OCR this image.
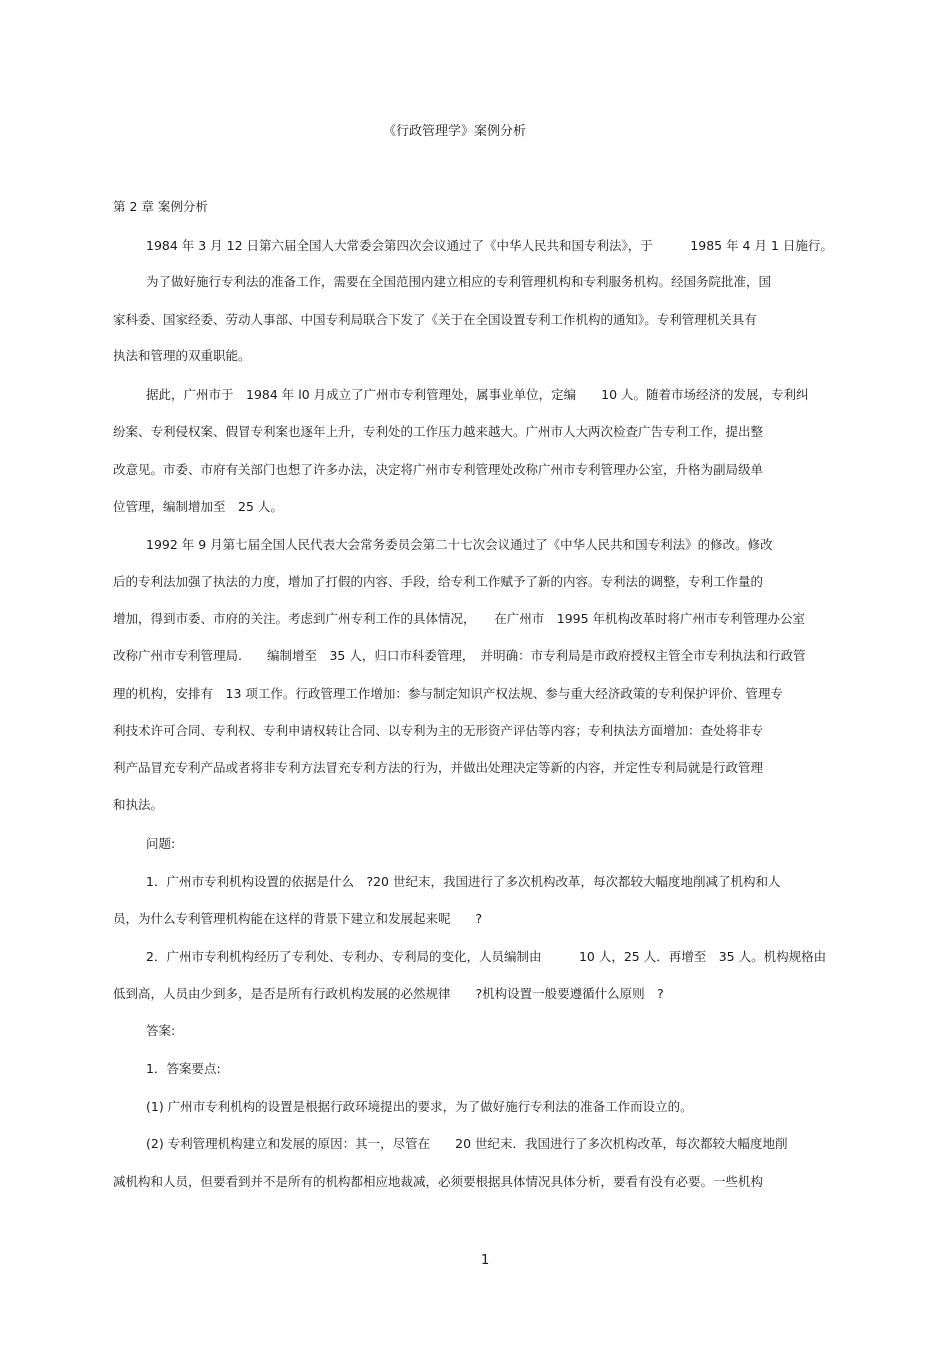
《行政管理学》案例分析
第 2 章 案例分析
1984 年 3 月 12 日第六届全国人大常委会第四次会议通过了《中华人民共和国专利法》，于　　　1985 年 4 月 1 日施行。
为了做好施行专利法的准备工作，需要在全国范围内建立相应的专利管理机构和专利服务机构。经国务院批准，国
家科委、国家经委、劳动人事部、中国专利局联合下发了《关于在全国设置专利工作机构的通知》。专利管理机关具有
执法和管理的双重职能。
据此，广州市于　1984 年 l0 月成立了广州市专利管理处，属事业单位，定编　　10 人。随着市场经济的发展，专利纠
纷案、专利侵权案、假冒专利案也逐年上升，专利处的工作压力越来越大。广州市人大两次检查广告专利工作，提出整
改意见。市委、市府有关部门也想了许多办法，决定将广州市专利管理处改称广州市专利管理办公室，升格为副局级单
位管理，编制增加至　25 人。
1992 年 9 月第七届全国人民代表大会常务委员会第二十七次会议通过了《中华人民共和国专利法》的修改。修改
后的专利法加强了执法的力度，增加了打假的内容、手段，给专利工作赋予了新的内容。专利法的调整，专利工作量的
增加，得到市委、市府的关注。考虑到广州专利工作的具体情况，　　在广州市　1995 年机构改革时将广州市专利管理办公室
改称广州市专利管理局.　　编制增至　35 人，归口市科委管理，　并明确：市专利局是市政府授权主管全市专利执法和行政管
理的机构，安排有　13 项工作。行政管理工作增加：参与制定知识产权法规、参与重大经济政策的专利保护评价、管理专
利技术许可合同、专利权、专利申请权转让合同、以专利为主的无形资产评估等内容；专利执法方面增加：查处将非专
利产品冒充专利产品或者将非专利方法冒充专利方法的行为，并做出处理决定等新的内容，并定性专利局就是行政管理
和执法。
问题:
1．广州市专利机构设置的依据是什么　?20 世纪末，我国进行了多次机构改革，每次都较大幅度地削减了机构和人
员，为什么专利管理机构能在这样的背景下建立和发展起来呢　　?
2．广州市专利机构经历了专利处、专利办、专利局的变化，人员编制由　　　10 人，25 人．再增至　35 人。机构规格由
低到高，人员由少到多，是否是所有行政机构发展的必然规律　　?机构设置一般要遵循什么原则　?
答案:
1．答案要点:
(1) 广州市专利机构的设置是根据行政环境提出的要求，为了做好施行专利法的准备工作而设立的。
(2) 专利管理机构建立和发展的原因：其一，尽管在　　20 世纪末．我国进行了多次机构改革，每次都较大幅度地削
减机构和人员，但要看到并不是所有的机构都相应地裁减，必须要根据具体情况具体分析，要看有没有必要。一些机构
1
